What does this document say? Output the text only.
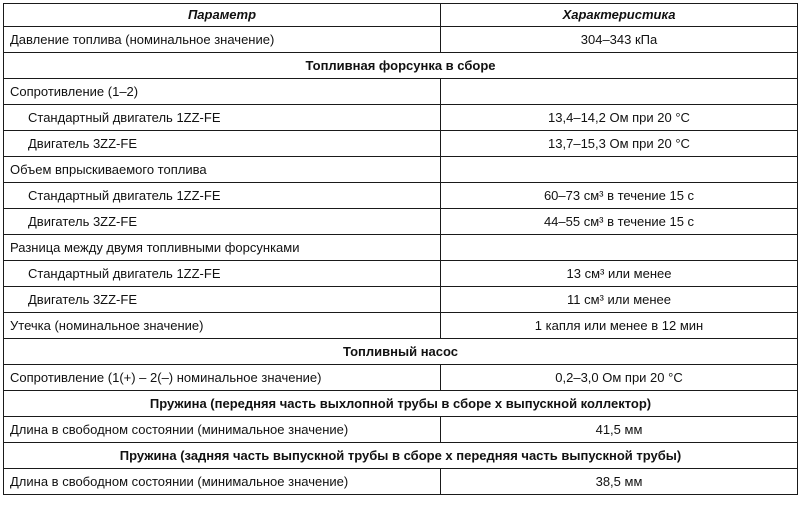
Параметр	Характеристика
Давление топлива (номинальное значение)	304–343 кПа
Топливная форсунка в сборе	
Сопротивление (1–2)	
Стандартный двигатель 1ZZ-FE	13,4–14,2 Ом при 20 °С
Двигатель 3ZZ-FE	13,7–15,3 Ом при 20 °С
Объем впрыскиваемого топлива	
Стандартный двигатель 1ZZ-FE	60–73 см³ в течение 15 с
Двигатель 3ZZ-FE	44–55 см³ в течение 15 с
Разница между двумя топливными форсунками	
Стандартный двигатель 1ZZ-FE	13 см³ или менее
Двигатель 3ZZ-FE	11 см³ или менее
Утечка (номинальное значение)	1 капля или менее в 12 мин
Топливный насос	
Сопротивление (1(+) – 2(–) номинальное значение)	0,2–3,0 Ом при 20 °С
Пружина (передняя часть выхлопной трубы в сборе х выпускной коллектор)	
Длина в свободном состоянии (минимальное значение)	41,5 мм
Пружина (задняя часть выпускной трубы в сборе х передняя часть выпускной трубы)	
Длина в свободном состоянии (минимальное значение)	38,5 мм
